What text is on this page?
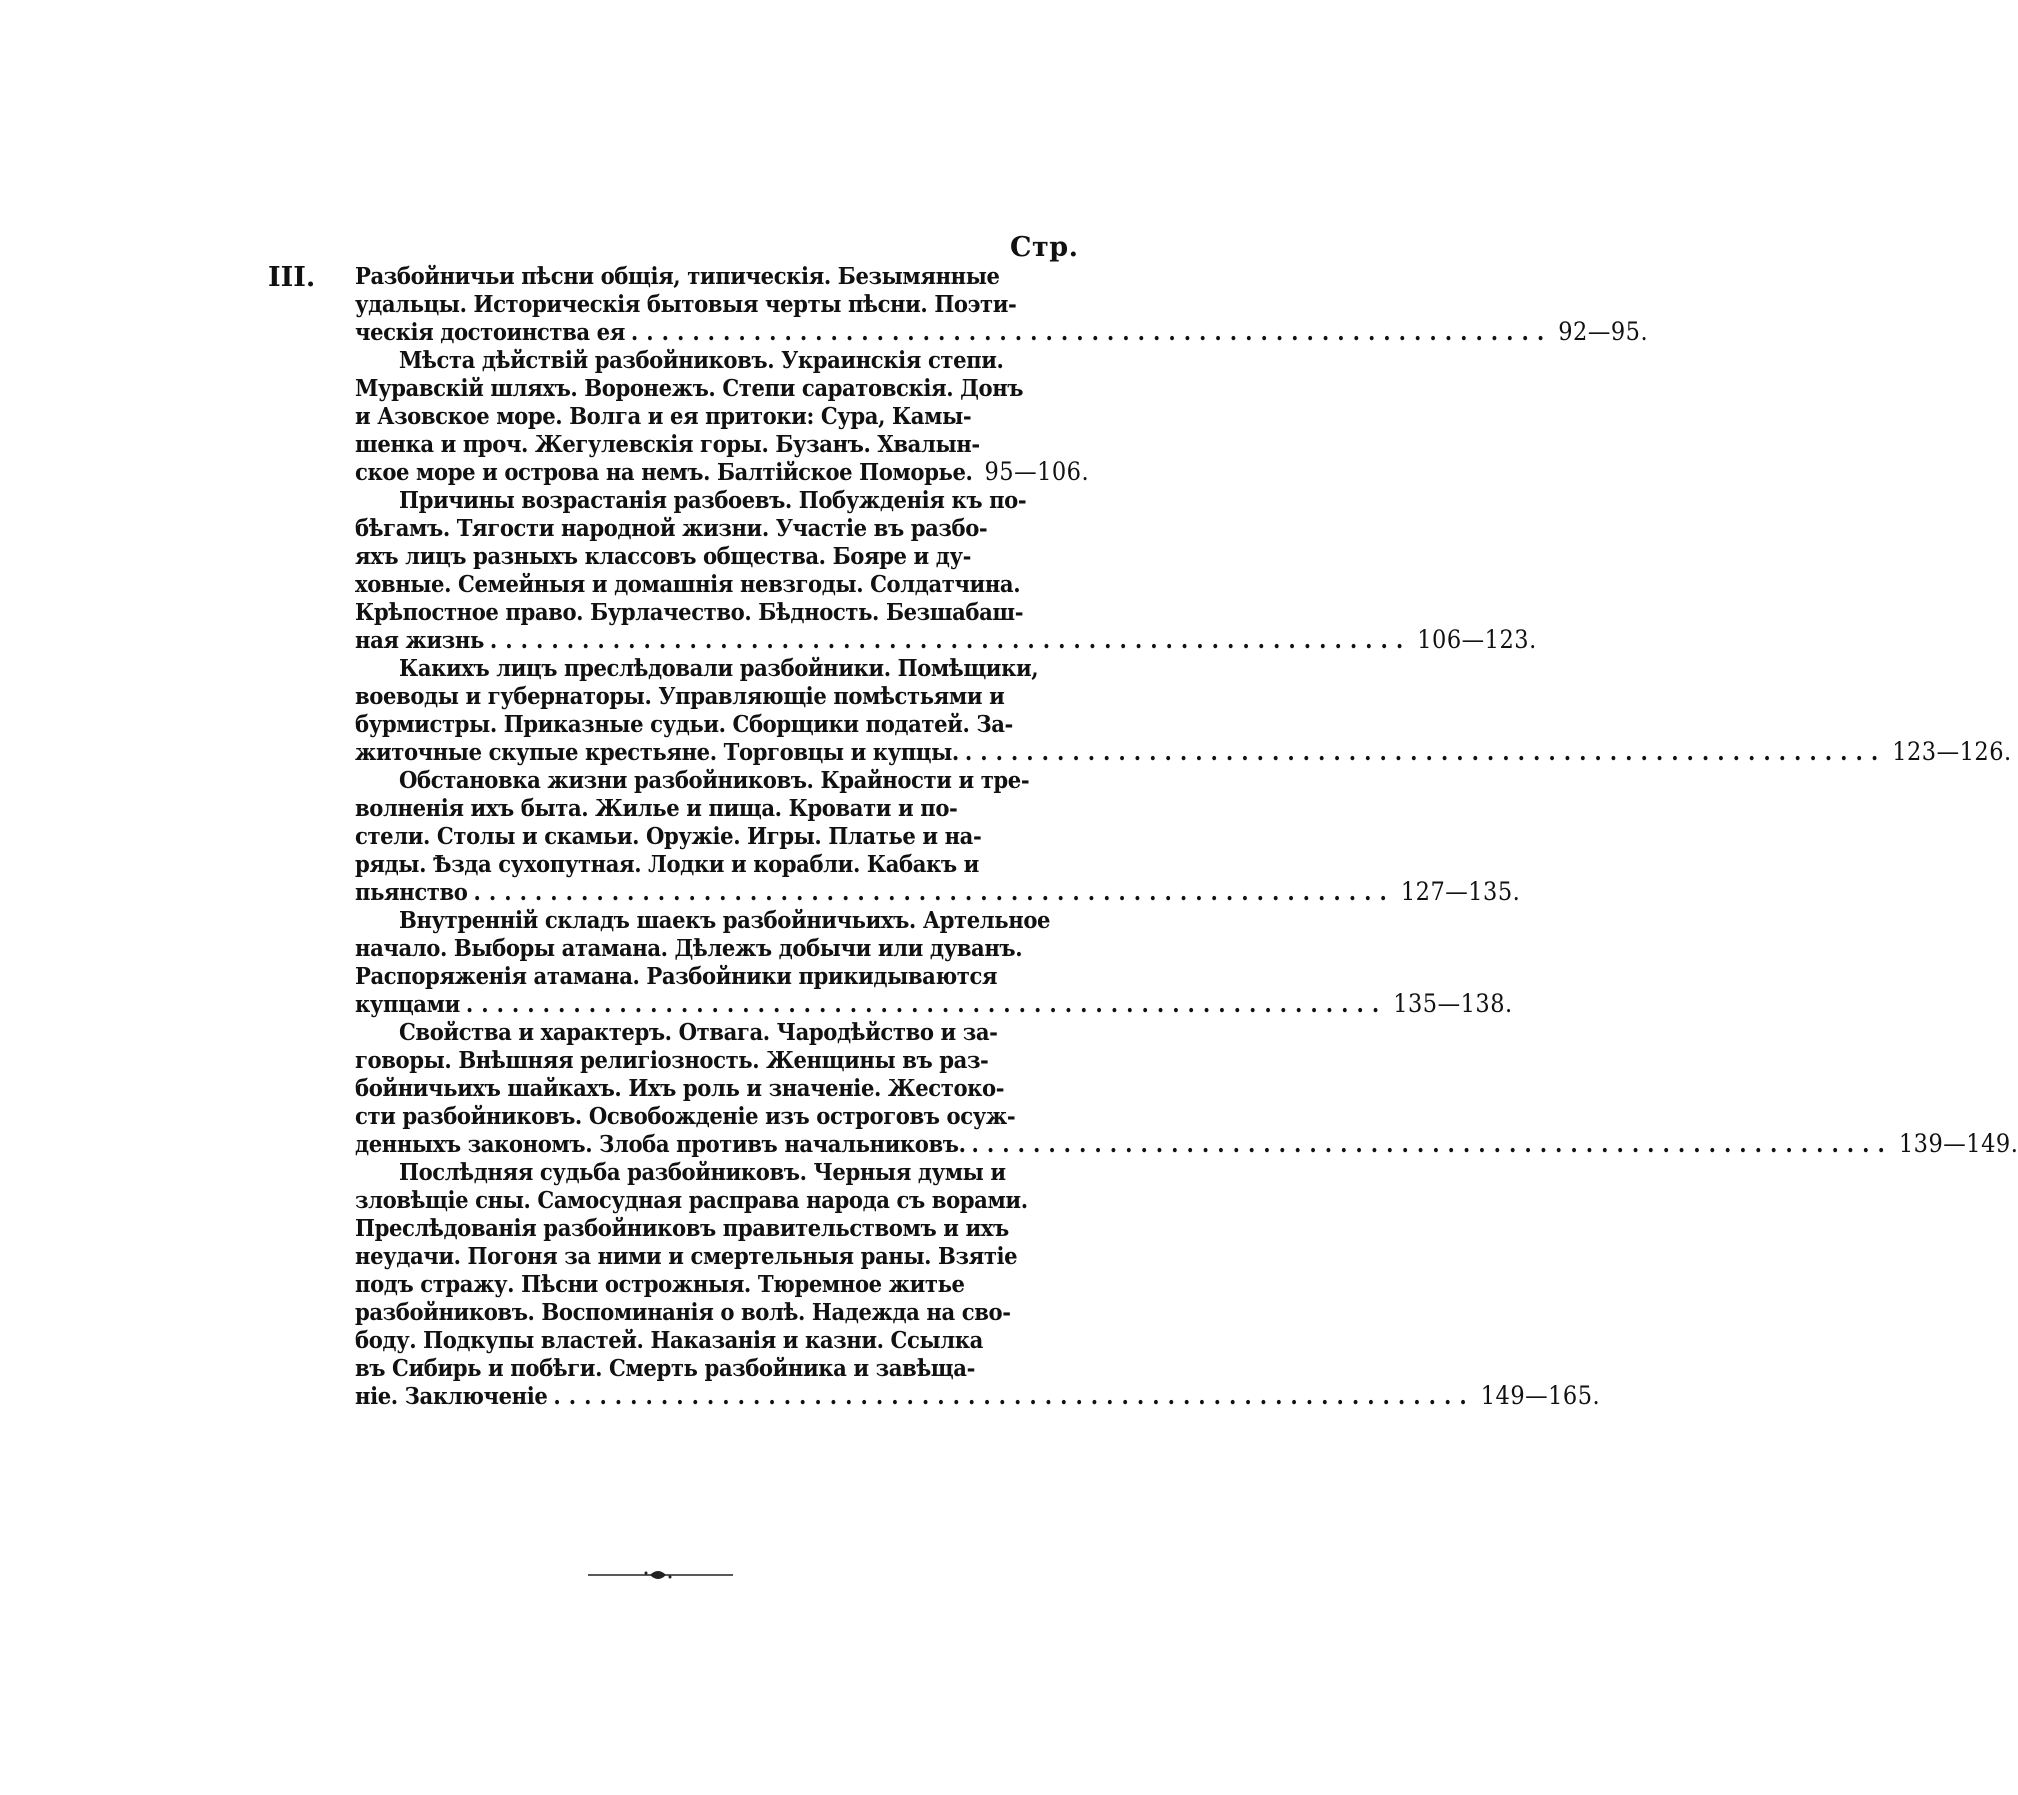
Стр.
III. Разбойничьи пѣсни общія, типическія. Безымянные
удальцы. Историческія бытовыя черты пѣсни. Поэти-
ческія достоинства ея ............................................................ 92—95.
Мѣста дѣйствій разбойниковъ. Украинскія степи.
Муравскій шляхъ. Воронежъ. Степи саратовскія. Донъ
и Азовское море. Волга и ея притоки: Сура, Камы-
шенка и проч. Жегулевскія горы. Бузанъ. Хвалын-
ское море и острова на немъ. Балтійское Поморье. 95—106.
Причины возрастанія разбоевъ. Побужденія къ по-
бѣгамъ. Тягости народной жизни. Участіе въ разбо-
яхъ лицъ разныхъ классовъ общества. Бояре и ду-
ховные. Семейныя и домашнія невзгоды. Солдатчина.
Крѣпостное право. Бурлачество. Бѣдность. Безшабаш-
ная жизнь ............................................................ 106—123.
Какихъ лицъ преслѣдовали разбойники. Помѣщики,
воеводы и губернаторы. Управляющіе помѣстьями и
бурмистры. Приказные судьи. Сборщики податей. За-
житочные скупые крестьяне. Торговцы и купцы. ............................................................ 123—126.
Обстановка жизни разбойниковъ. Крайности и тре-
волненія ихъ быта. Жилье и пища. Кровати и по-
стели. Столы и скамьи. Оружіе. Игры. Платье и на-
ряды. Ѣзда сухопутная. Лодки и корабли. Кабакъ и
пьянство ............................................................ 127—135.
Внутренній складъ шаекъ разбойничьихъ. Артельное
начало. Выборы атамана. Дѣлежъ добычи или дуванъ.
Распоряженія атамана. Разбойники прикидываются
купцами ............................................................ 135—138.
Свойства и характеръ. Отвага. Чародѣйство и за-
говоры. Внѣшняя религіозность. Женщины въ раз-
бойничьихъ шайкахъ. Ихъ роль и значеніе. Жестоко-
сти разбойниковъ. Освобожденіе изъ остроговъ осуж-
денныхъ закономъ. Злоба противъ начальниковъ. ............................................................ 139—149.
Послѣдняя судьба разбойниковъ. Черныя думы и
зловѣщіе сны. Самосудная расправа народа съ ворами.
Преслѣдованія разбойниковъ правительствомъ и ихъ
неудачи. Погоня за ними и смертельныя раны. Взятіе
подъ стражу. Пѣсни острожныя. Тюремное житье
разбойниковъ. Воспоминанія о волѣ. Надежда на сво-
боду. Подкупы властей. Наказанія и казни. Ссылка
въ Сибирь и побѣги. Смерть разбойника и завѣща-
ніе. Заключеніе ............................................................ 149—165.
